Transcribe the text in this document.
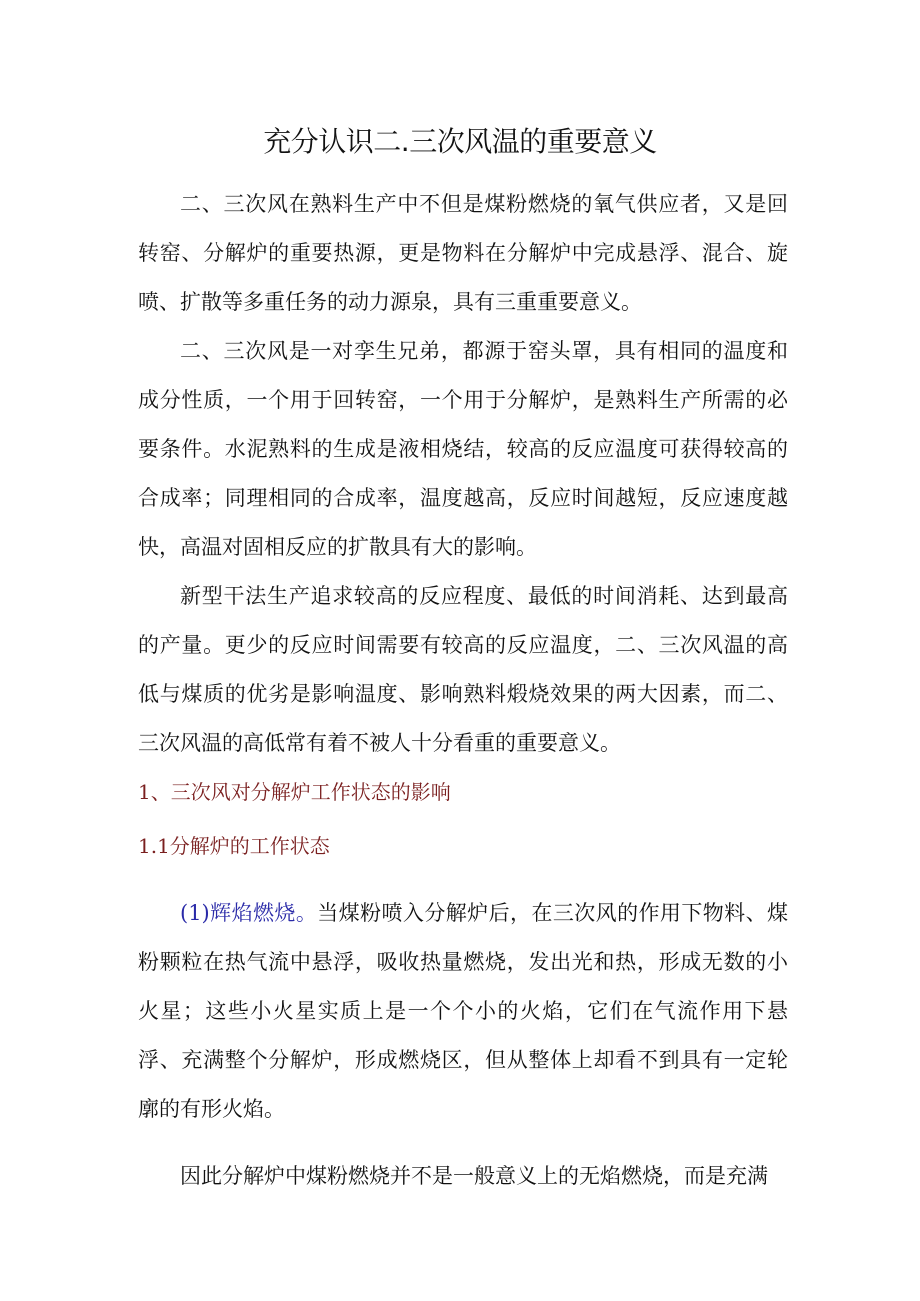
充分认识二.三次风温的重要意义

二、三次风在熟料生产中不但是煤粉燃烧的氧气供应者，又是回转窑、分解炉的重要热源，更是物料在分解炉中完成悬浮、混合、旋喷、扩散等多重任务的动力源泉，具有三重重要意义。

二、三次风是一对孪生兄弟，都源于窑头罩，具有相同的温度和成分性质，一个用于回转窑，一个用于分解炉，是熟料生产所需的必要条件。水泥熟料的生成是液相烧结，较高的反应温度可获得较高的合成率；同理相同的合成率，温度越高，反应时间越短，反应速度越快，高温对固相反应的扩散具有大的影响。

新型干法生产追求较高的反应程度、最低的时间消耗、达到最高的产量。更少的反应时间需要有较高的反应温度，二、三次风温的高低与煤质的优劣是影响温度、影响熟料煅烧效果的两大因素，而二、三次风温的高低常有着不被人十分看重的重要意义。

1、三次风对分解炉工作状态的影响
1.1分解炉的工作状态

(1)辉焰燃烧。当煤粉喷入分解炉后，在三次风的作用下物料、煤粉颗粒在热气流中悬浮，吸收热量燃烧，发出光和热，形成无数的小火星；这些小火星实质上是一个个小的火焰，它们在气流作用下悬浮、充满整个分解炉，形成燃烧区，但从整体上却看不到具有一定轮廓的有形火焰。

因此分解炉中煤粉燃烧并不是一般意义上的无焰燃烧，而是充满
